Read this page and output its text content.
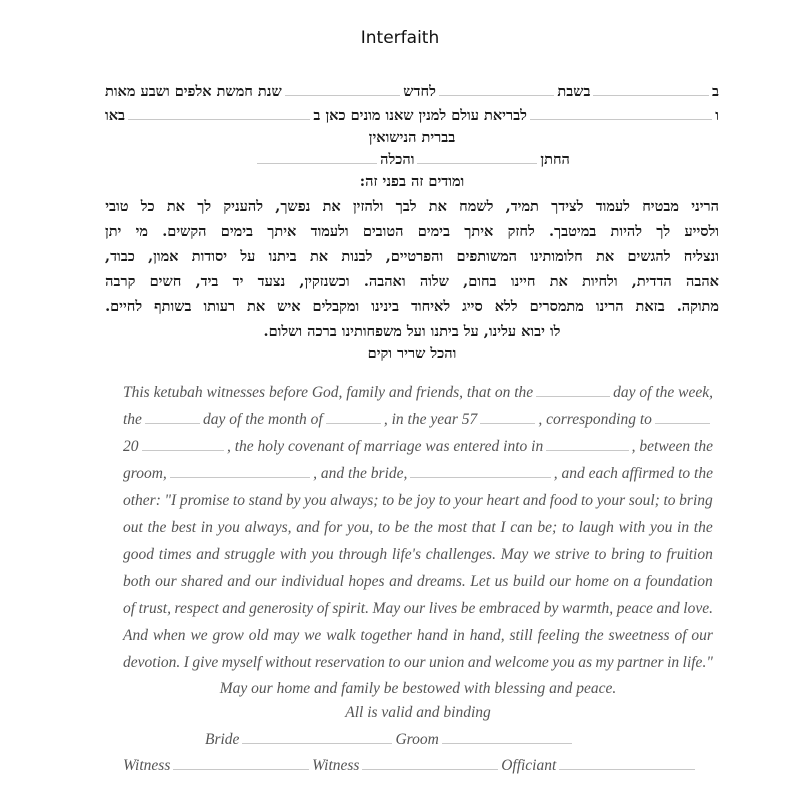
Interfaith
ב
בשבת
לחדש
שנת חמשת אלפים ושבע מאות
ו
לבריאת עולם למנין שאנו מונים כאן ב
באו
בברית הנישואין
החתן
והכלה
ומודים זה בפני זה:
הריני
מבטיח
לעמוד
לצידך
תמיד,
לשמח
את
לבך
ולהזין
את
נפשך,
להעניק
לך
את
כל
טובי
ולסייע
לך
להיות
במיטבך.
לחזק
איתך
בימים
הטובים
ולעמוד
איתך
בימים
הקשים.
מי
יתן
ונצליח
להגשים
את
חלומותינו
המשותפים
והפרטיים,
לבנות
את
ביתנו
על
יסודות
אמון,
כבוד,
אהבה
הדדית,
ולחיות
את
חיינו
בחום,
שלוה
ואהבה.
וכשנזקין,
נצעד
יד
ביד,
חשים
קרבה
מתוקה.
בזאת
הרינו
מתמסרים
ללא
סייג
לאיחוד
בינינו
ומקבלים
איש
את
רעותו
בשותף
לחיים.
לו יבוא עלינו, על ביתנו ועל משפחותינו ברכה ושלום.
והכל שריר וקים
This ketubah witnesses before God, family and friends, that on the	day of the week,
the	day of the month of	, in the year 57	, corresponding to
20	, the holy covenant of marriage was entered into in	, between the
groom,	, and the bride,	, and each affirmed to the
other: "I promise to stand by you always; to be joy to your heart and food to your soul; to bring
out the best in you always, and for you, to be the most that I can be; to laugh with you in the
good times and struggle with you through life's challenges. May we strive to bring to fruition
both our shared and our individual hopes and dreams. Let us build our home on a foundation
of trust, respect and generosity of spirit. May our lives be embraced by warmth, peace and love.
And when we grow old may we walk together hand in hand, still feeling the sweetness of our
devotion. I give myself without reservation to our union and welcome you as my partner in life."
May our home and family be bestowed with blessing and peace.
All is valid and binding
Bride	Groom
Witness	Witness	Officiant
